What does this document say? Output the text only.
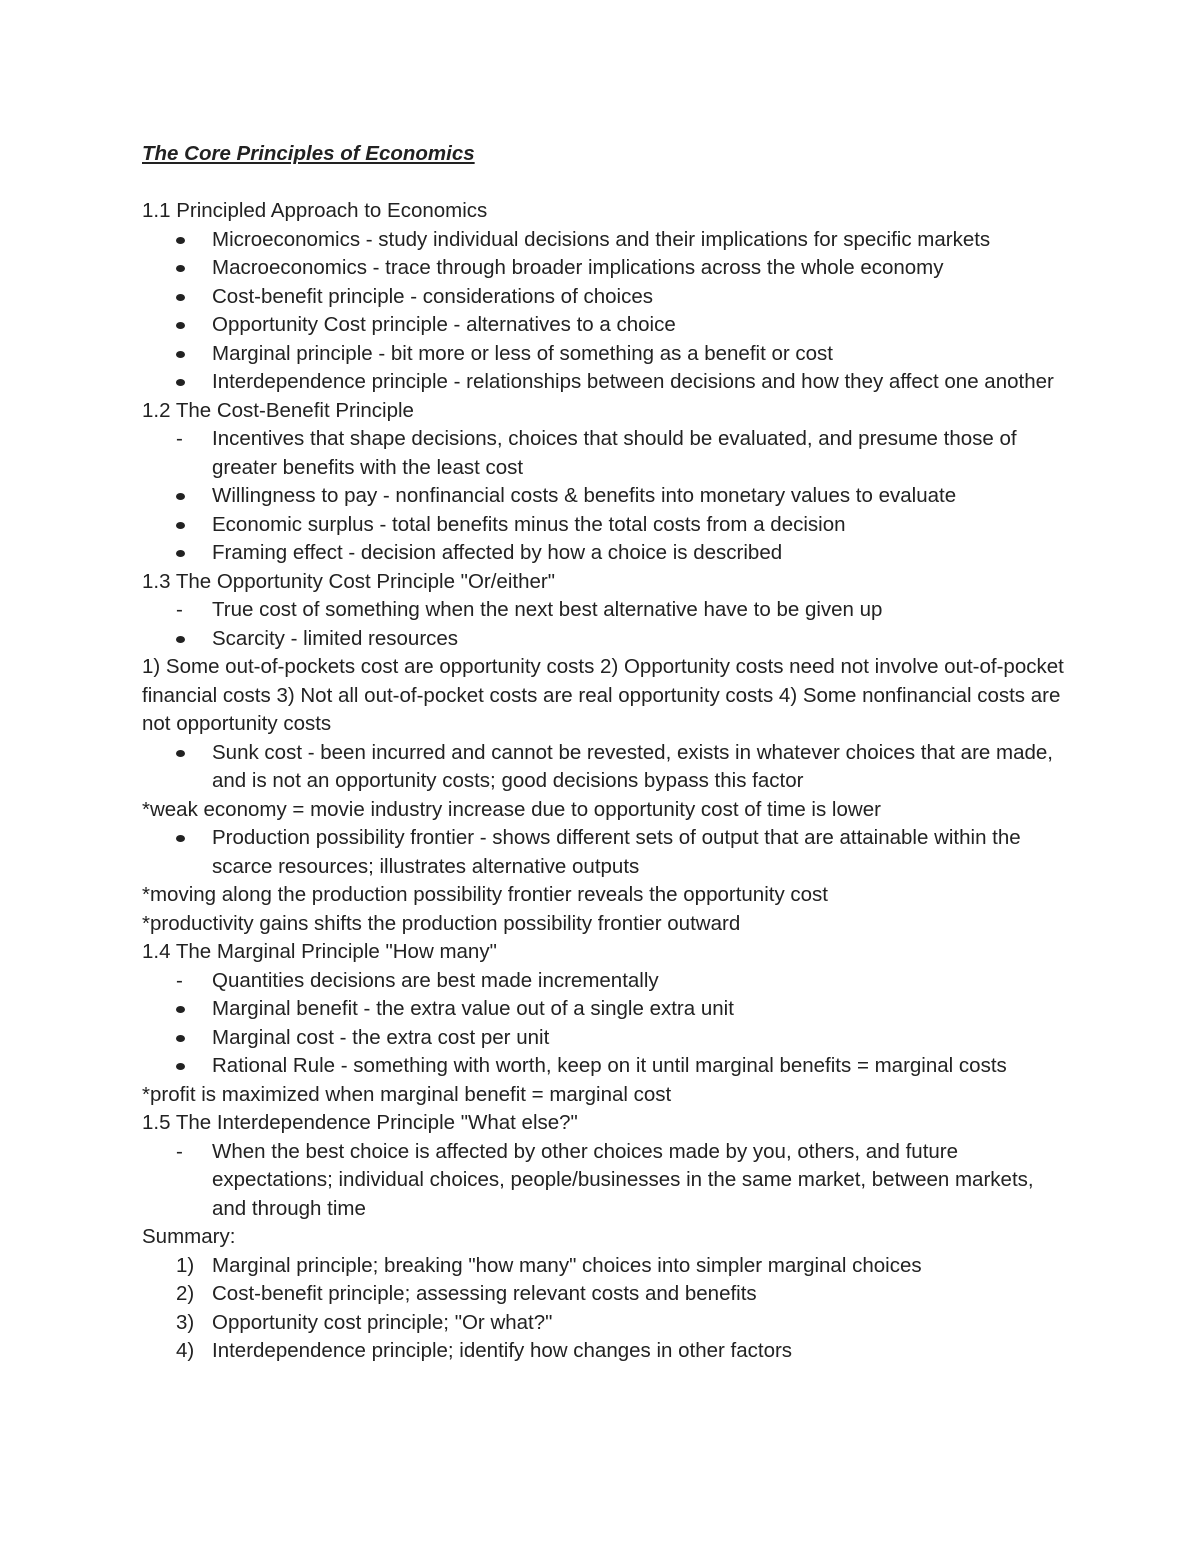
The Core Principles of Economics

1.1 Principled Approach to Economics

Microeconomics - study individual decisions and their implications for specific markets
Macroeconomics - trace through broader implications across the whole economy
Cost-benefit principle - considerations of choices
Opportunity Cost principle - alternatives to a choice
Marginal principle - bit more or less of something as a benefit or cost
Interdependence principle - relationships between decisions and how they affect one another

1.2 The Cost-Benefit Principle

-
Incentives that shape decisions, choices that should be evaluated, and presume those of greater benefits with the least cost
Willingness to pay - nonfinancial costs & benefits into monetary values to evaluate
Economic surplus - total benefits minus the total costs from a decision
Framing effect - decision affected by how a choice is described

1.3 The Opportunity Cost Principle "Or/either"

-
True cost of something when the next best alternative have to be given up
Scarcity - limited resources

1) Some out-of-pockets cost are opportunity costs 2) Opportunity costs need not involve out-of-pocket financial costs 3) Not all out-of-pocket costs are real opportunity costs 4) Some nonfinancial costs are not opportunity costs

Sunk cost - been incurred and cannot be revested, exists in whatever choices that are made, and is not an opportunity costs; good decisions bypass this factor

*weak economy = movie industry increase due to opportunity cost of time is lower

Production possibility frontier - shows different sets of output that are attainable within the scarce resources; illustrates alternative outputs

*moving along the production possibility frontier reveals the opportunity cost

*productivity gains shifts the production possibility frontier outward

1.4 The Marginal Principle "How many"

-
Quantities decisions are best made incrementally
Marginal benefit - the extra value out of a single extra unit
Marginal cost - the extra cost per unit
Rational Rule - something with worth, keep on it until marginal benefits = marginal costs

*profit is maximized when marginal benefit = marginal cost

1.5 The Interdependence Principle "What else?"

-
When the best choice is affected by other choices made by you, others, and future expectations; individual choices, people/businesses in the same market, between markets, and through time

Summary:

1) Marginal principle; breaking "how many" choices into simpler marginal choices
2) Cost-benefit principle; assessing relevant costs and benefits
3) Opportunity cost principle; "Or what?"
4) Interdependence principle; identify how changes in other factors
